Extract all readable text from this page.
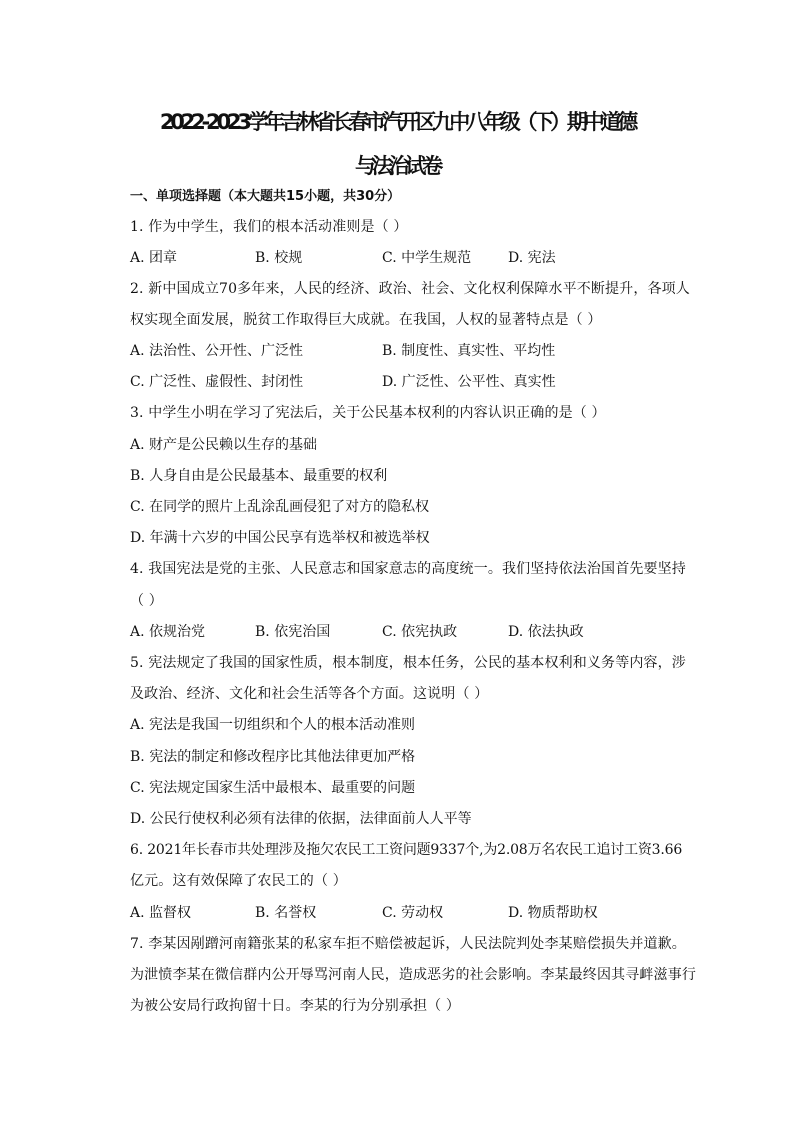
2022-2023学年吉林省长春市汽开区九中八年级（下）期中道德
与法治试卷
一、单项选择题（本大题共15小题，共30分）
1. 作为中学生，我们的根本活动准则是（ ）
A. 团章	B. 校规	C. 中学生规范	D. 宪法
2. 新中国成立70多年来，人民的经济、政治、社会、文化权利保障水平不断提升，各项人
权实现全面发展，脱贫工作取得巨大成就。在我国，人权的显著特点是（ ）
A. 法治性、公开性、广泛性	B. 制度性、真实性、平均性
C. 广泛性、虚假性、封闭性	D. 广泛性、公平性、真实性
3. 中学生小明在学习了宪法后，关于公民基本权利的内容认识正确的是（ ）
A. 财产是公民赖以生存的基础
B. 人身自由是公民最基本、最重要的权利
C. 在同学的照片上乱涂乱画侵犯了对方的隐私权
D. 年满十六岁的中国公民享有选举权和被选举权
4. 我国宪法是党的主张、人民意志和国家意志的高度统一。我们坚持依法治国首先要坚持
（ ）
A. 依规治党	B. 依宪治国	C. 依宪执政	D. 依法执政
5. 宪法规定了我国的国家性质，根本制度，根本任务，公民的基本权利和义务等内容，涉
及政治、经济、文化和社会生活等各个方面。这说明（ ）
A. 宪法是我国一切组织和个人的根本活动准则
B. 宪法的制定和修改程序比其他法律更加严格
C. 宪法规定国家生活中最根本、最重要的问题
D. 公民行使权利必须有法律的依据，法律面前人人平等
6. 2021年长春市共处理涉及拖欠农民工工资问题9337个,为2.08万名农民工追讨工资3.66
亿元。这有效保障了农民工的（ ）
A. 监督权	B. 名誉权	C. 劳动权	D. 物质帮助权
7. 李某因剐蹭河南籍张某的私家车拒不赔偿被起诉，人民法院判处李某赔偿损失并道歉。
为泄愤李某在微信群内公开辱骂河南人民，造成恶劣的社会影响。李某最终因其寻衅滋事行
为被公安局行政拘留十日。李某的行为分别承担（ ）
